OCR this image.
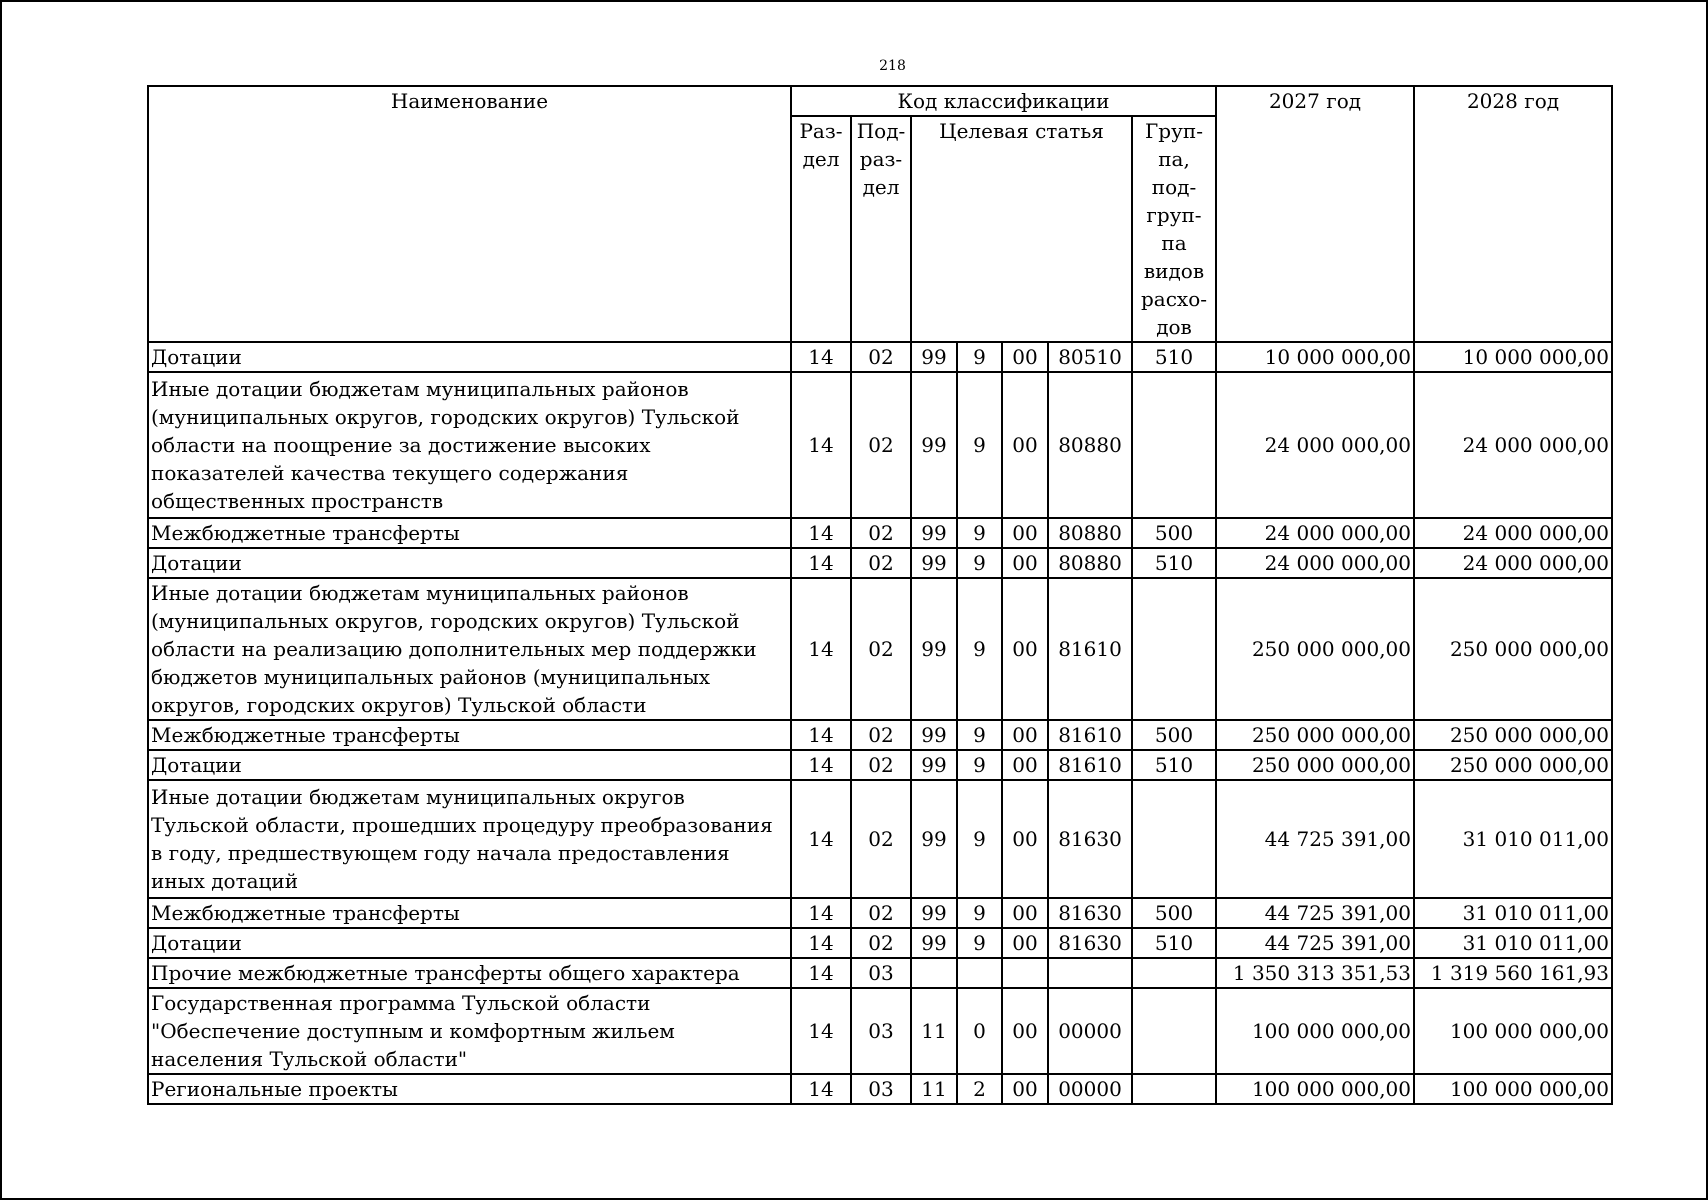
218
Наименование	Код классификации							2027 год	2028 год
	Раз-дел	Под-раз-дел	Целевая статья				Груп-па, под-груп-па видов расхо-дов		
Дотации	14	02	99	9	00	80510	510	10 000 000,00	10 000 000,00
Иные дотации бюджетам муниципальных районов (муниципальных округов, городских округов) Тульской области на поощрение за достижение высоких показателей качества текущего содержания общественных пространств	14	02	99	9	00	80880		24 000 000,00	24 000 000,00
Межбюджетные трансферты	14	02	99	9	00	80880	500	24 000 000,00	24 000 000,00
Дотации	14	02	99	9	00	80880	510	24 000 000,00	24 000 000,00
Иные дотации бюджетам муниципальных районов (муниципальных округов, городских округов) Тульской области на реализацию дополнительных мер поддержки бюджетов муниципальных районов (муниципальных округов, городских округов) Тульской области	14	02	99	9	00	81610		250 000 000,00	250 000 000,00
Межбюджетные трансферты	14	02	99	9	00	81610	500	250 000 000,00	250 000 000,00
Дотации	14	02	99	9	00	81610	510	250 000 000,00	250 000 000,00
Иные дотации бюджетам муниципальных округов Тульской области, прошедших процедуру преобразования в году, предшествующем году начала предоставления иных дотаций	14	02	99	9	00	81630		44 725 391,00	31 010 011,00
Межбюджетные трансферты	14	02	99	9	00	81630	500	44 725 391,00	31 010 011,00
Дотации	14	02	99	9	00	81630	510	44 725 391,00	31 010 011,00
Прочие межбюджетные трансферты общего характера	14	03						1 350 313 351,53	1 319 560 161,93
Государственная программа Тульской области "Обеспечение доступным и комфортным жильем населения Тульской области"	14	03	11	0	00	00000		100 000 000,00	100 000 000,00
Региональные проекты	14	03	11	2	00	00000		100 000 000,00	100 000 000,00
